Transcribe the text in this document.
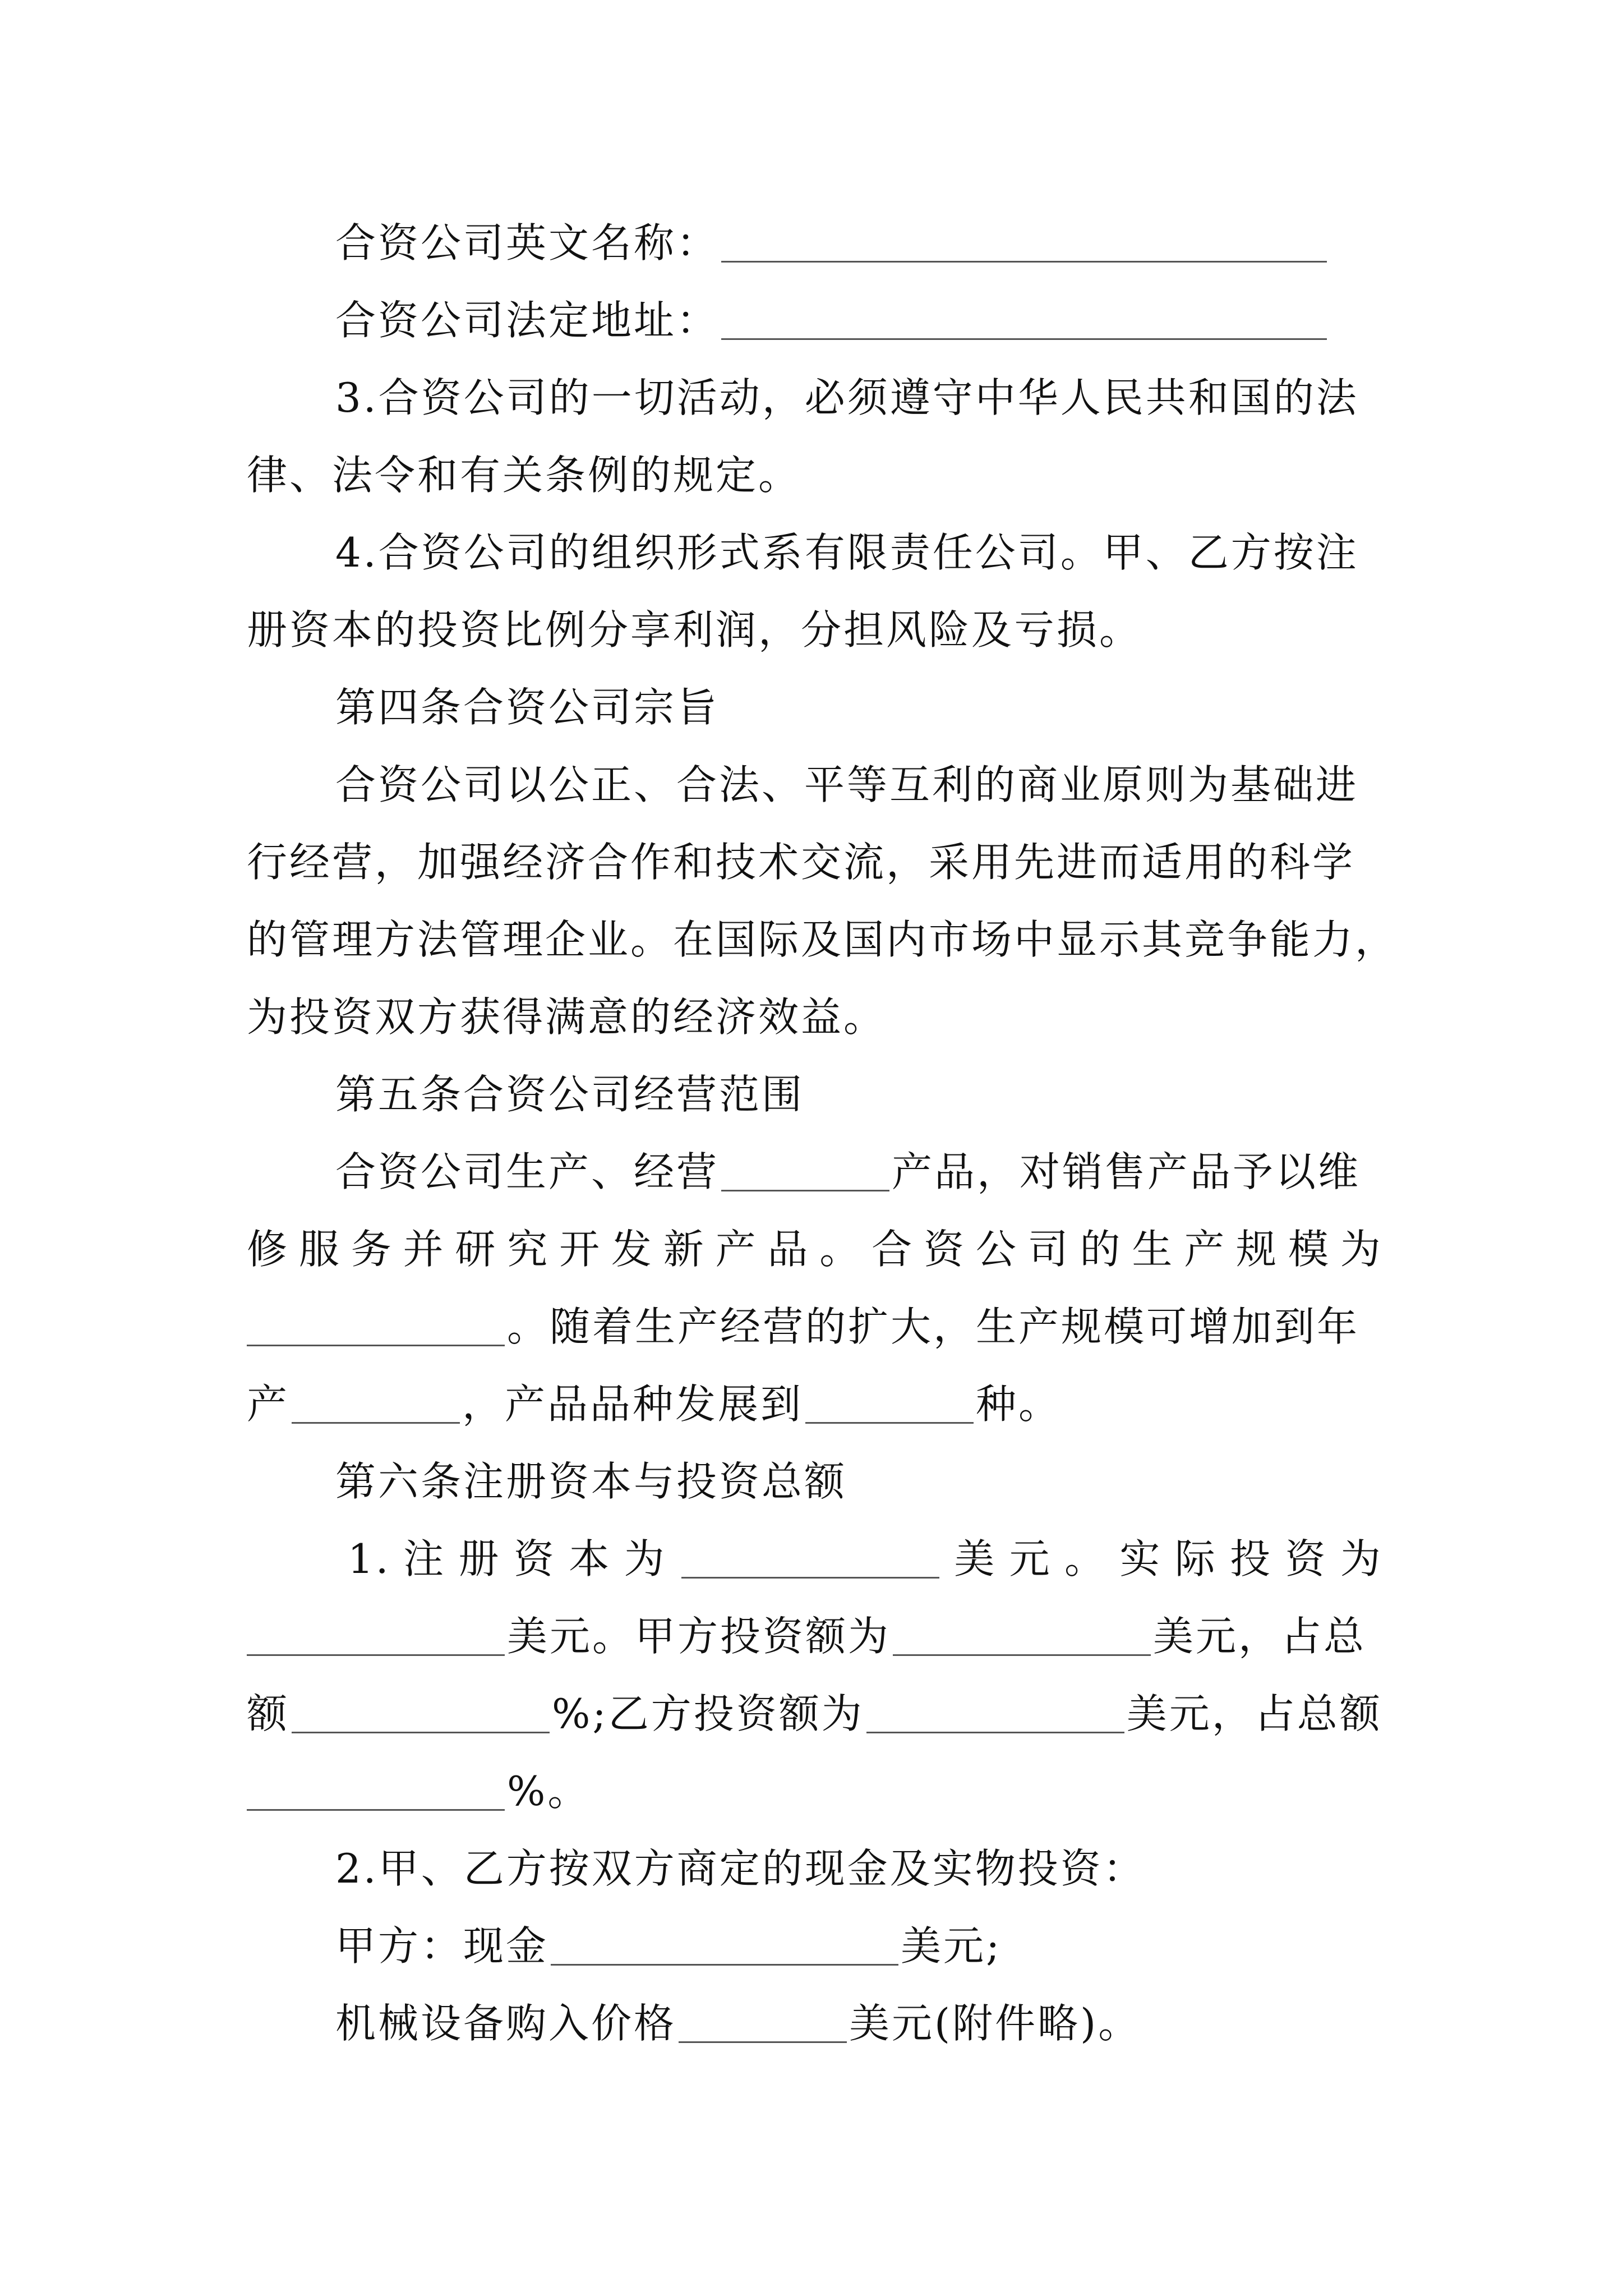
合资公司英文名称：
合资公司法定地址：
3.合资公司的一切活动，必须遵守中华人民共和国的法
律、法令和有关条例的规定。
4.合资公司的组织形式系有限责任公司。甲、乙方按注
册资本的投资比例分享利润，分担风险及亏损。
第四条合资公司宗旨
合资公司以公正、合法、平等互利的商业原则为基础进
行经营，加强经济合作和技术交流，采用先进而适用的科学
的管理方法管理企业。在国际及国内市场中显示其竞争能力，
为投资双方获得满意的经济效益。
第五条合资公司经营范围
合资公司生产、经营	产品，对销售产品予以维
修 服 务 并 研 究 开 发 新 产 品 。 合 资 公 司 的 生 产 规 模 为
。随着生产经营的扩大，生产规模可增加到年
产	，产品品种发展到	种。
第六条注册资本与投资总额
1. 注 册 资 本 为	美 元 。 实 际 投 资 为
美元。甲方投资额为	美元，占总
额	%;乙方投资额为	美元，占总额
%。
2.甲、乙方按双方商定的现金及实物投资：
甲方：现金	美元;
机械设备购入价格	美元(附件略)。
